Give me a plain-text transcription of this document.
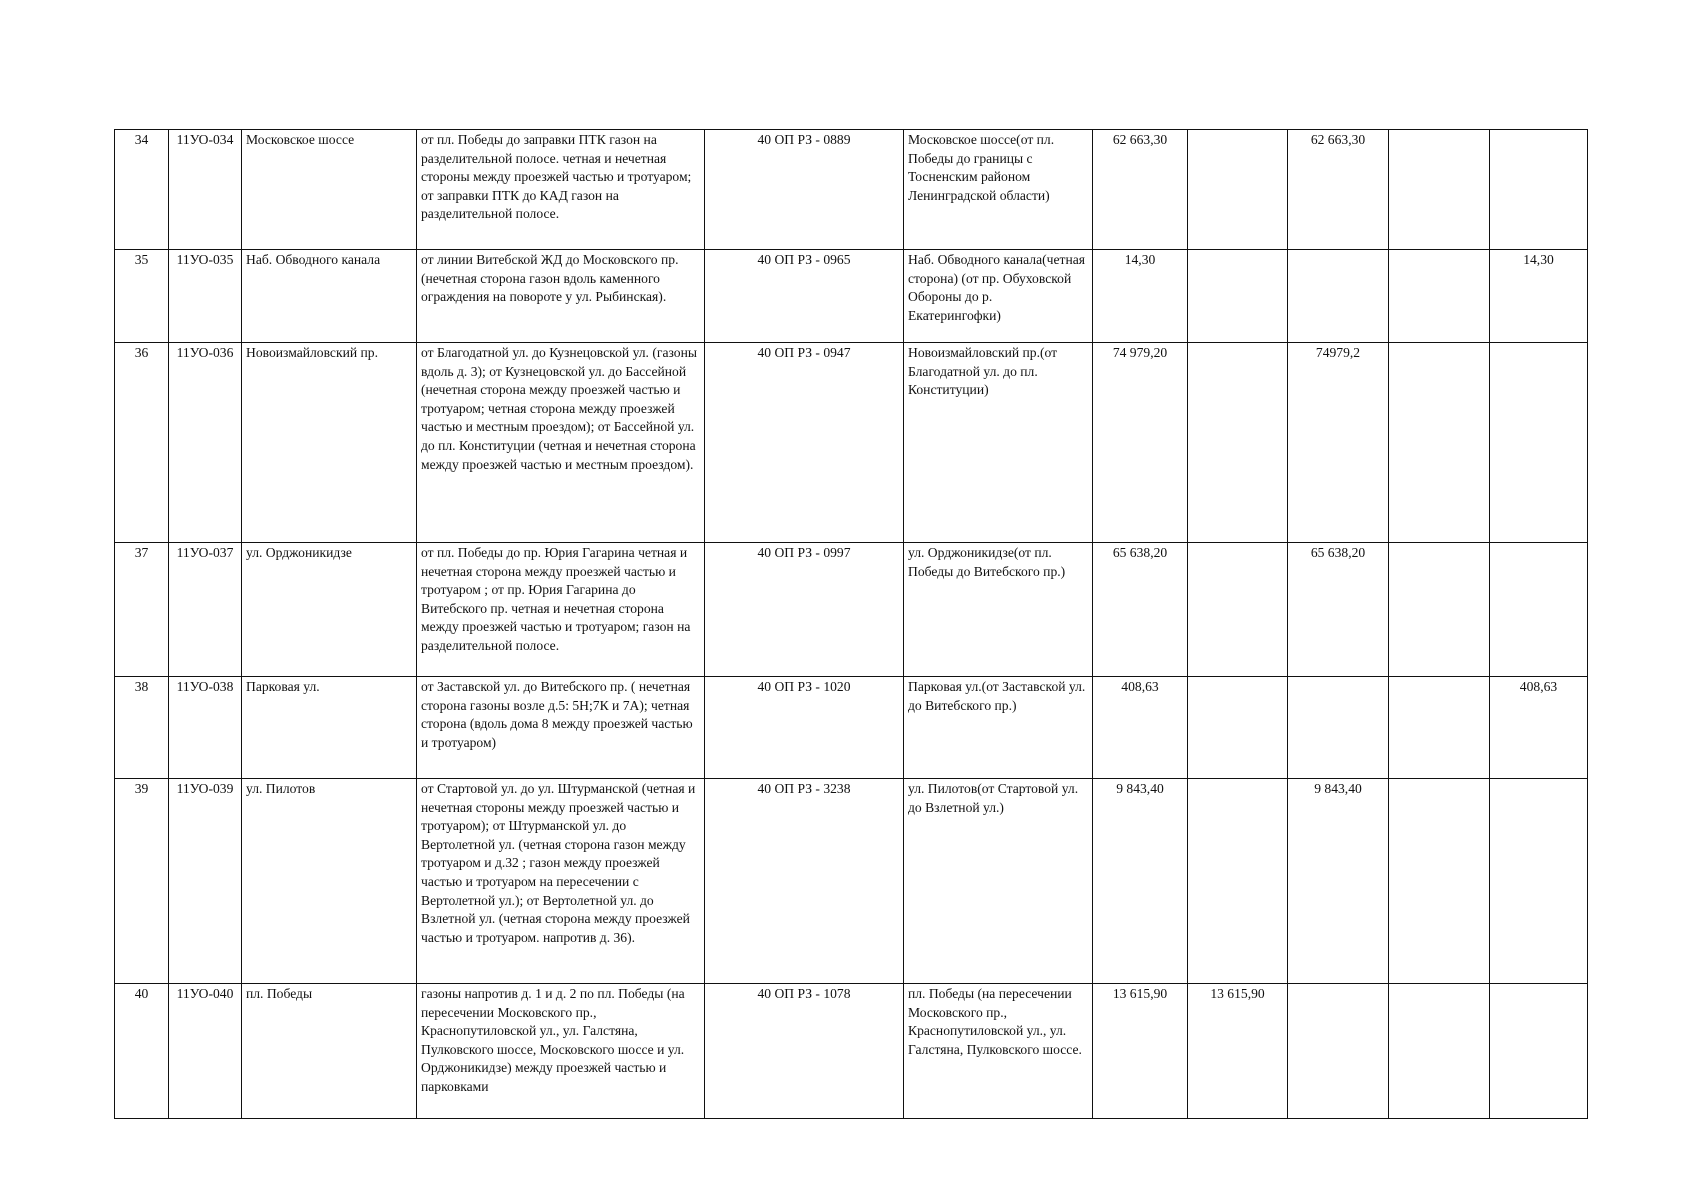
34	11УО-034	Московское шоссе	от пл. Победы до заправки ПТК газон на разделительной полосе. четная и нечетная стороны между проезжей частью и тротуаром; от заправки ПТК до КАД газон на разделительной полосе.	40 ОП РЗ - 0889	Московское шоссе(от пл. Победы до границы с Тосненским районом Ленинградской области)	62 663,30		62 663,30		
35	11УО-035	Наб. Обводного канала	от линии Витебской ЖД до Московского пр. (нечетная сторона газон вдоль каменного ограждения на повороте у ул. Рыбинская).	40 ОП РЗ - 0965	Наб. Обводного канала(четная сторона) (от пр. Обуховской Обороны до р. Екатерингофки)	14,30				14,30
36	11УО-036	Новоизмайловский пр.	от Благодатной ул. до Кузнецовской ул. (газоны вдоль д. 3); от Кузнецовской ул. до Бассейной (нечетная сторона между проезжей частью и тротуаром; четная сторона между проезжей частью и местным проездом); от Бассейной ул. до пл. Конституции (четная и нечетная сторона между проезжей частью и местным проездом).	40 ОП РЗ - 0947	Новоизмайловский пр.(от Благодатной ул. до пл. Конституции)	74 979,20		74979,2		
37	11УО-037	ул. Орджоникидзе	от пл. Победы до пр. Юрия Гагарина четная и нечетная сторона между проезжей частью и тротуаром ; от пр. Юрия Гагарина до Витебского пр. четная и нечетная сторона между проезжей частью и тротуаром; газон на разделительной полосе.	40 ОП РЗ - 0997	ул. Орджоникидзе(от пл. Победы до Витебского пр.)	65 638,20		65 638,20		
38	11УО-038	Парковая ул.	от Заставской ул. до Витебского пр. ( нечетная сторона газоны возле д.5: 5Н;7К и 7А); четная сторона (вдоль дома 8 между проезжей частью и тротуаром)	40 ОП РЗ - 1020	Парковая ул.(от Заставской ул. до Витебского пр.)	408,63				408,63
39	11УО-039	ул. Пилотов	от Стартовой ул. до ул. Штурманской (четная и нечетная стороны между проезжей частью и тротуаром); от Штурманской ул. до Вертолетной ул. (четная сторона газон между тротуаром и д.32 ; газон между проезжей частью и тротуаром на пересечении с Вертолетной ул.); от Вертолетной ул. до Взлетной ул. (четная сторона между проезжей частью и тротуаром. напротив д. 36).	40 ОП РЗ - 3238	ул. Пилотов(от Стартовой ул. до Взлетной ул.)	9 843,40		9 843,40		
40	11УО-040	пл. Победы	газоны напротив д. 1 и д. 2 по пл. Победы (на пересечении Московского пр., Краснопутиловской ул., ул. Галстяна, Пулковского шоссе, Московского шоссе и ул. Орджоникидзе) между проезжей частью и парковками	40 ОП РЗ - 1078	пл. Победы (на пересечении Московского пр., Краснопутиловской ул., ул. Галстяна, Пулковского шоссе.	13 615,90	13 615,90			
